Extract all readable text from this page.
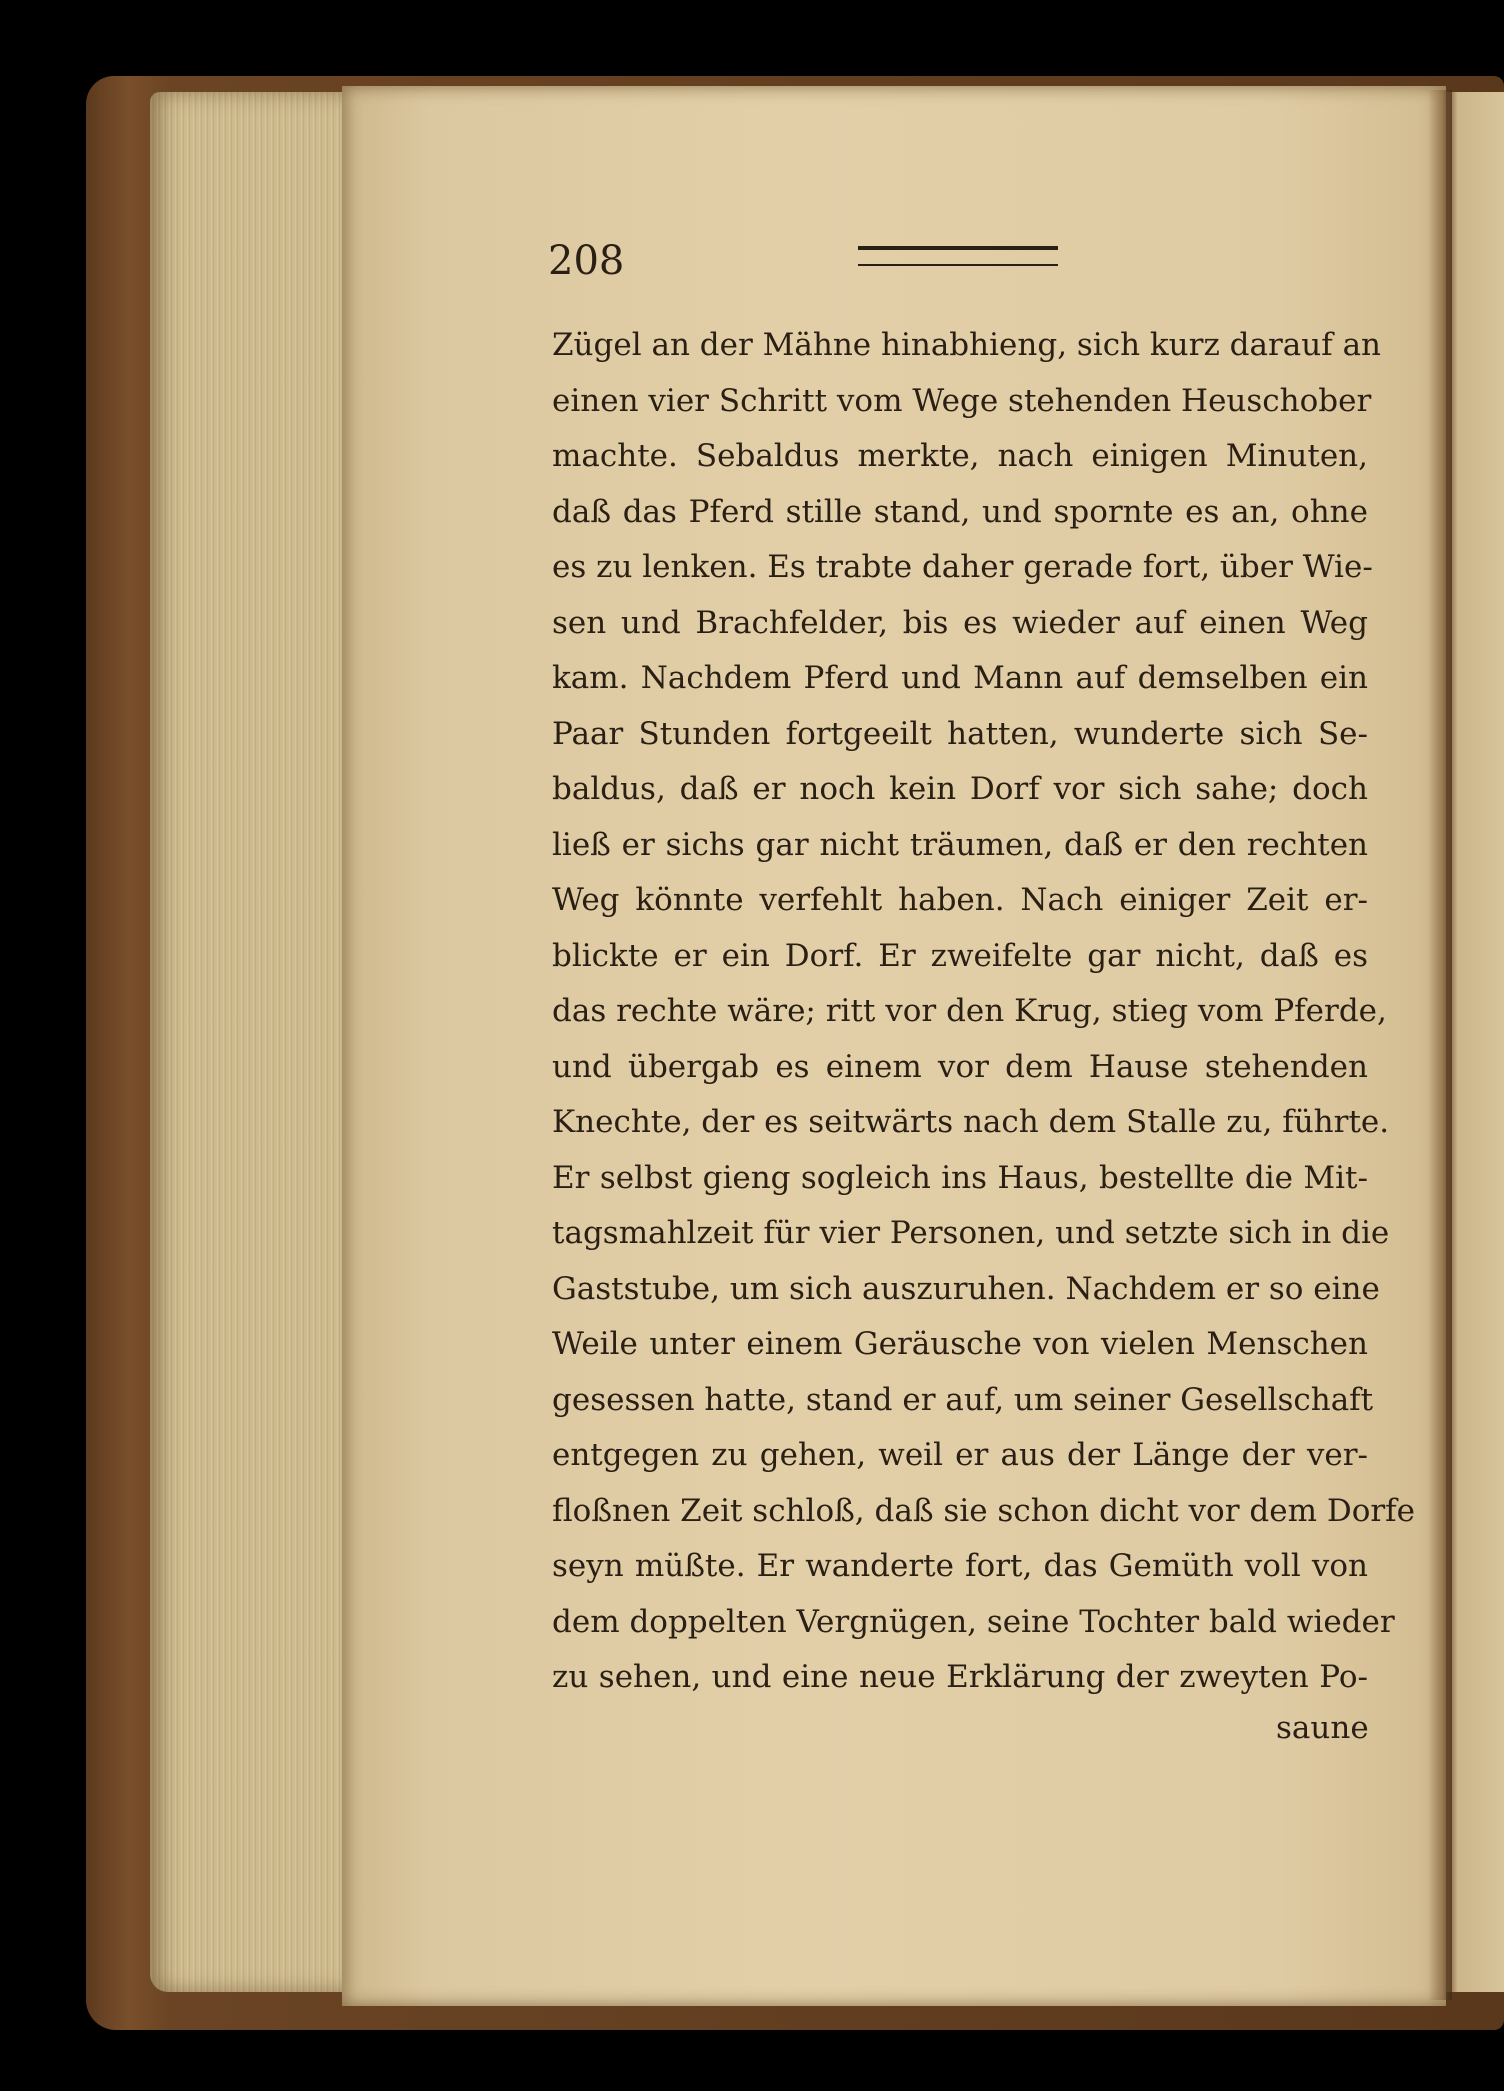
208
Zügel an der Mähne hinabhieng, sich kurz darauf an
einen vier Schritt vom Wege stehenden Heuschober
machte. Sebaldus merkte, nach einigen Minuten,
daß das Pferd stille stand, und spornte es an, ohne
es zu lenken. Es trabte daher gerade fort, über Wie-
sen und Brachfelder, bis es wieder auf einen Weg
kam. Nachdem Pferd und Mann auf demselben ein
Paar Stunden fortgeeilt hatten, wunderte sich Se-
baldus, daß er noch kein Dorf vor sich sahe; doch
ließ er sichs gar nicht träumen, daß er den rechten
Weg könnte verfehlt haben. Nach einiger Zeit er-
blickte er ein Dorf. Er zweifelte gar nicht, daß es
das rechte wäre; ritt vor den Krug, stieg vom Pferde,
und übergab es einem vor dem Hause stehenden
Knechte, der es seitwärts nach dem Stalle zu, führte.
Er selbst gieng sogleich ins Haus, bestellte die Mit-
tagsmahlzeit für vier Personen, und setzte sich in die
Gaststube, um sich auszuruhen. Nachdem er so eine
Weile unter einem Geräusche von vielen Menschen
gesessen hatte, stand er auf, um seiner Gesellschaft
entgegen zu gehen, weil er aus der Länge der ver-
floßnen Zeit schloß, daß sie schon dicht vor dem Dorfe
seyn müßte. Er wanderte fort, das Gemüth voll von
dem doppelten Vergnügen, seine Tochter bald wieder
zu sehen, und eine neue Erklärung der zweyten Po-
saune
